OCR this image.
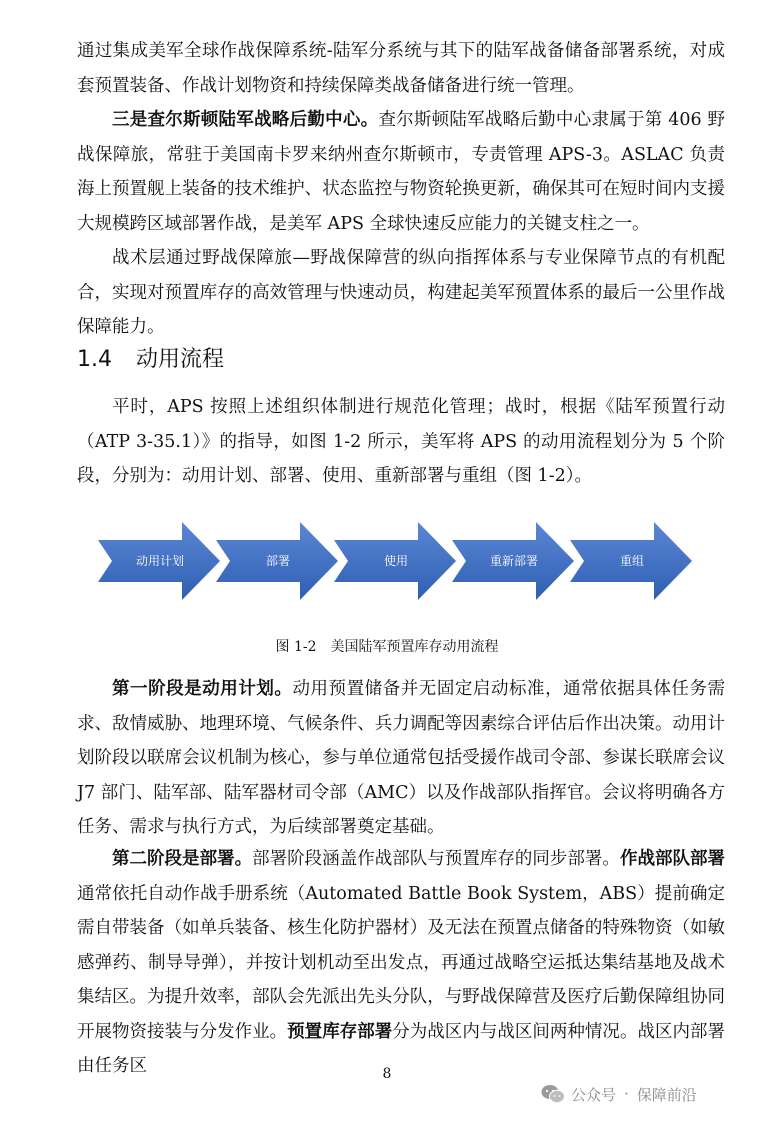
通过集成美军全球作战保障系统-陆军分系统与其下的陆军战备储备部署系统，对成套预置装备、作战计划物资和持续保障类战备储备进行统一管理。

三是查尔斯顿陆军战略后勤中心。查尔斯顿陆军战略后勤中心隶属于第 406 野战保障旅，常驻于美国南卡罗来纳州查尔斯顿市，专责管理 APS-3。ASLAC 负责海上预置舰上装备的技术维护、状态监控与物资轮换更新，确保其可在短时间内支援大规模跨区域部署作战，是美军 APS 全球快速反应能力的关键支柱之一。

战术层通过野战保障旅—野战保障营的纵向指挥体系与专业保障节点的有机配合，实现对预置库存的高效管理与快速动员，构建起美军预置体系的最后一公里作战保障能力。

1.4 动用流程

平时，APS 按照上述组织体制进行规范化管理；战时，根据《陆军预置行动（ATP 3-35.1）》的指导，如图 1-2 所示，美军将 APS 的动用流程划分为 5 个阶段，分别为：动用计划、部署、使用、重新部署与重组（图 1-2）。

动用计划	部署	使用	重新部署	重组

图 1-2 美国陆军预置库存动用流程

第一阶段是动用计划。动用预置储备并无固定启动标准，通常依据具体任务需求、敌情威胁、地理环境、气候条件、兵力调配等因素综合评估后作出决策。动用计划阶段以联席会议机制为核心，参与单位通常包括受援作战司令部、参谋长联席会议 J7 部门、陆军部、陆军器材司令部（AMC）以及作战部队指挥官。会议将明确各方任务、需求与执行方式，为后续部署奠定基础。

第二阶段是部署。部署阶段涵盖作战部队与预置库存的同步部署。作战部队部署通常依托自动作战手册系统（Automated Battle Book System，ABS）提前确定需自带装备（如单兵装备、核生化防护器材）及无法在预置点储备的特殊物资（如敏感弹药、制导导弹），并按计划机动至出发点，再通过战略空运抵达集结基地及战术集结区。为提升效率，部队会先派出先头分队，与野战保障营及医疗后勤保障组协同开展物资接装与分发作业。预置库存部署分为战区内与战区间两种情况。战区内部署由任务区	8
公众号 · 保障前沿
